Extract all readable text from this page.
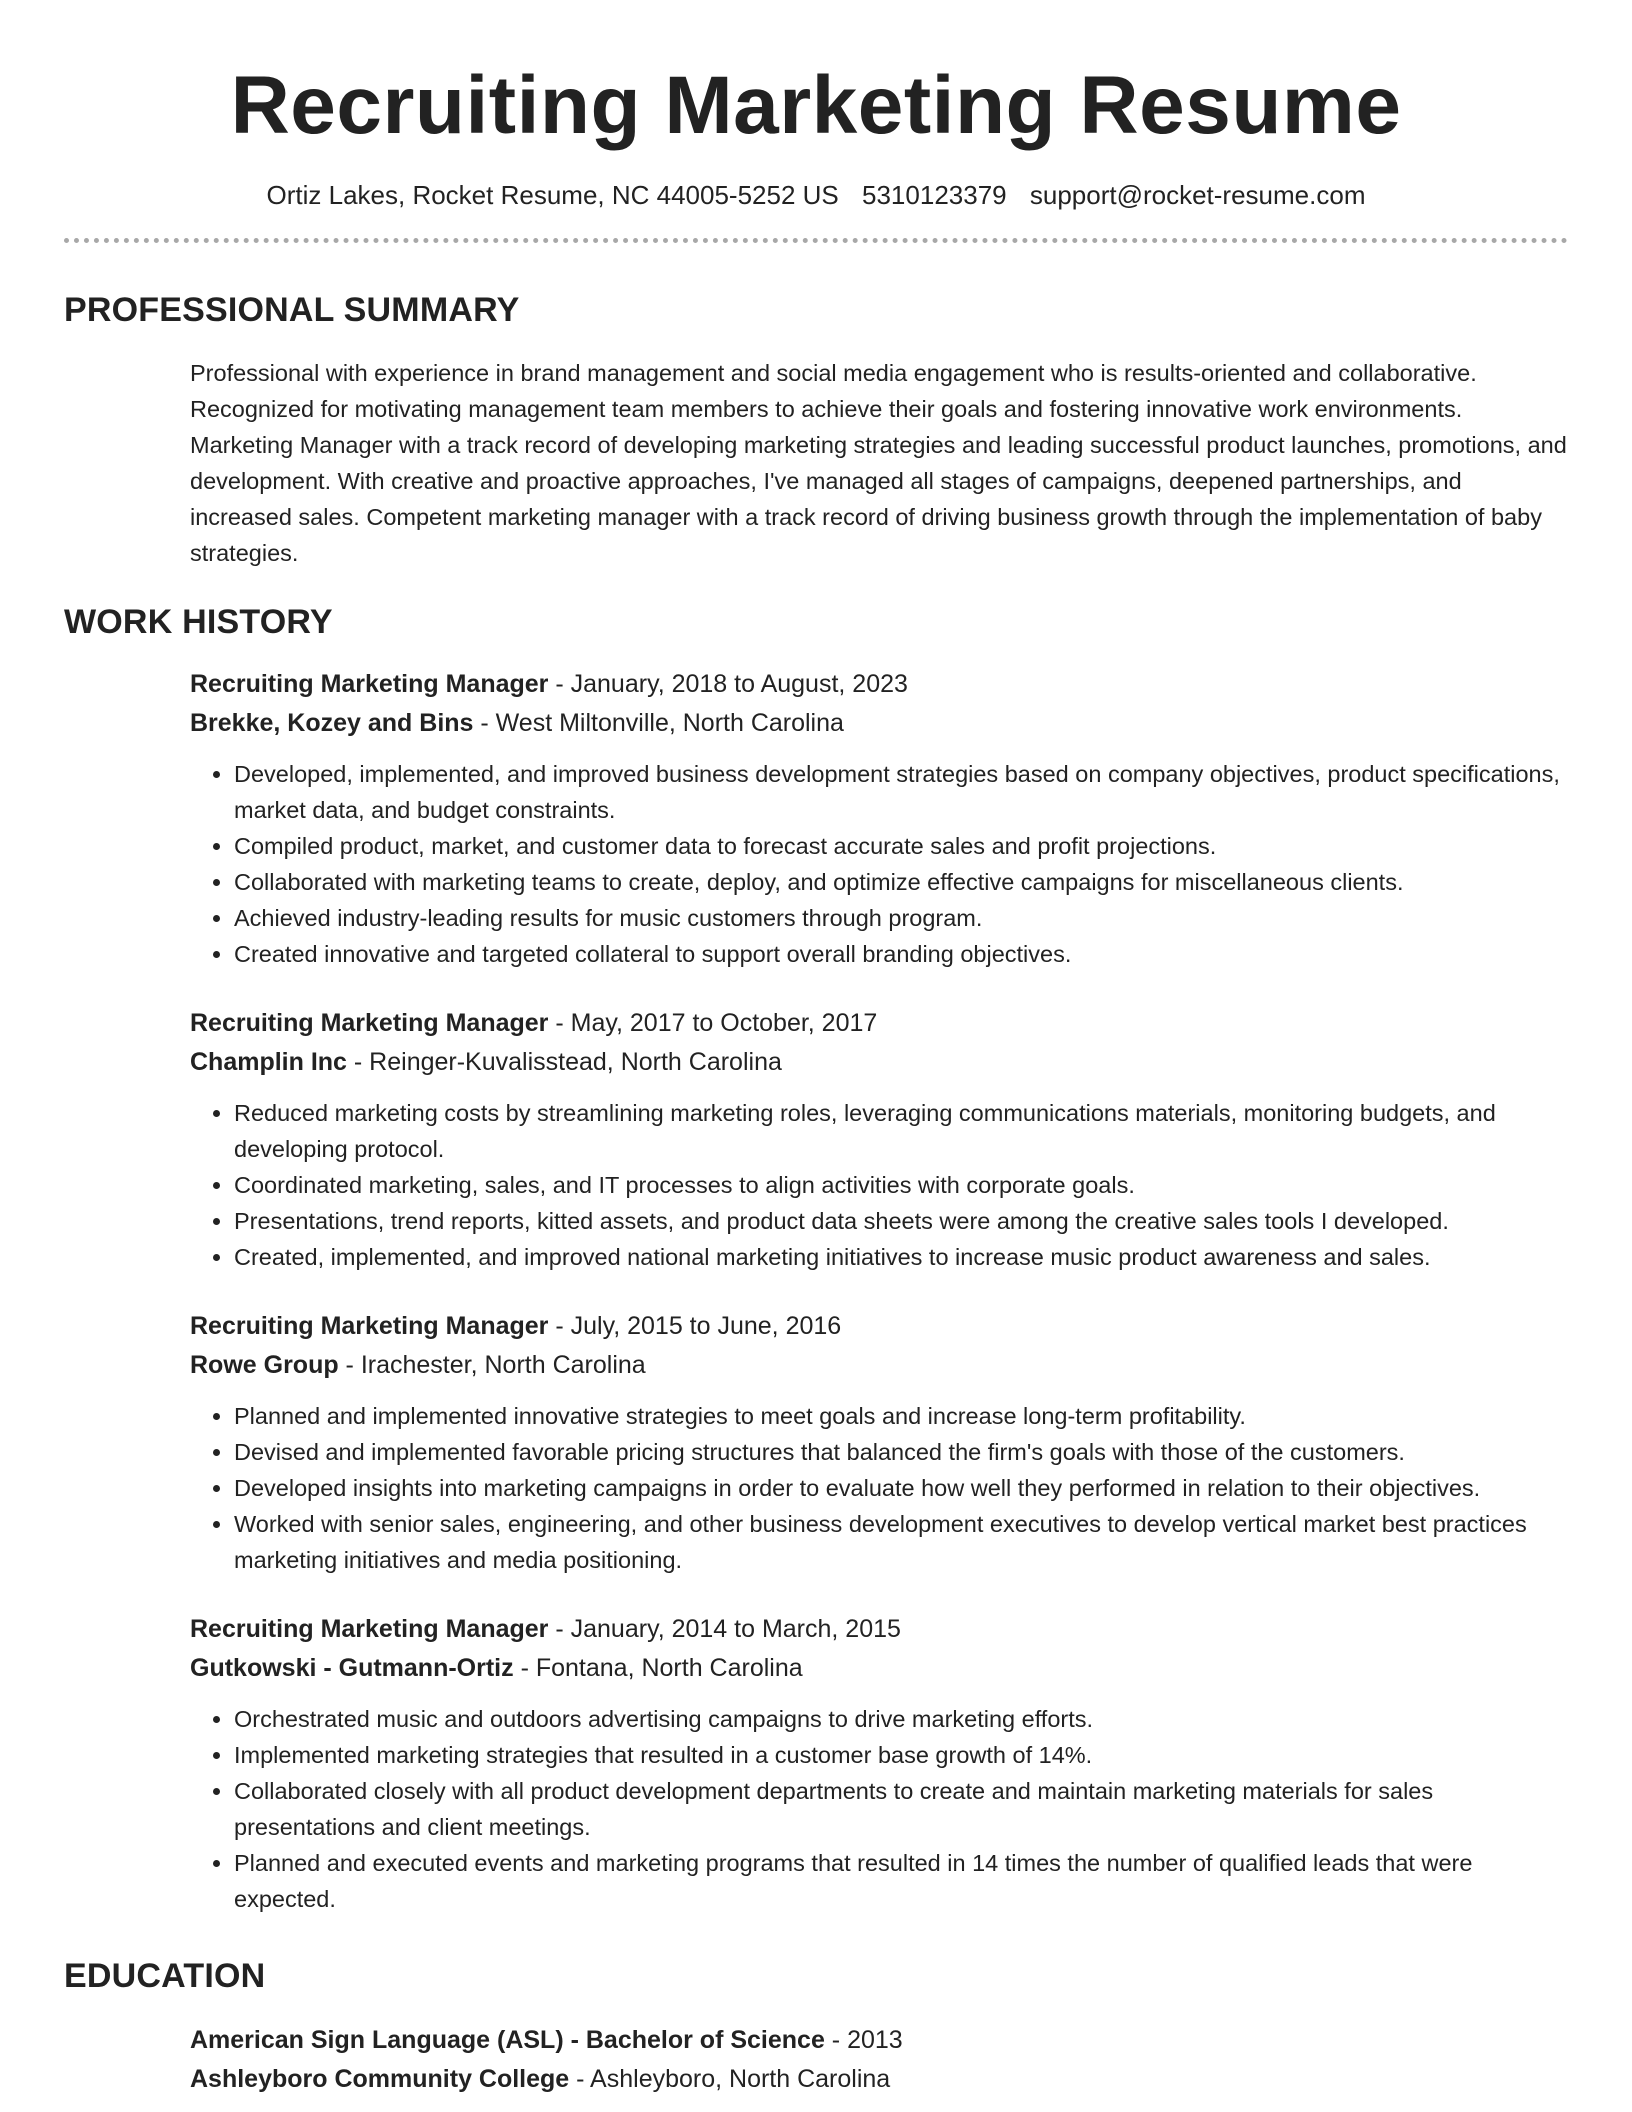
Recruiting Marketing Resume
Ortiz Lakes, Rocket Resume, NC 44005-5252 US 5310123379 support@rocket-resume.com
PROFESSIONAL SUMMARY

Professional with experience in brand management and social media engagement who is results-oriented and collaborative. Recognized for motivating management team members to achieve their goals and fostering innovative work environments. Marketing Manager with a track record of developing marketing strategies and leading successful product launches, promotions, and development. With creative and proactive approaches, I've managed all stages of campaigns, deepened partnerships, and increased sales. Competent marketing manager with a track record of driving business growth through the implementation of baby strategies.

WORK HISTORY
Recruiting Marketing Manager - January, 2018 to August, 2023
Brekke, Kozey and Bins - West Miltonville, North Carolina
• Developed, implemented, and improved business development strategies based on company objectives, product specifications, market data, and budget constraints.
• Compiled product, market, and customer data to forecast accurate sales and profit projections.
• Collaborated with marketing teams to create, deploy, and optimize effective campaigns for miscellaneous clients.
• Achieved industry-leading results for music customers through program.
• Created innovative and targeted collateral to support overall branding objectives.
Recruiting Marketing Manager - May, 2017 to October, 2017
Champlin Inc - Reinger-Kuvalisstead, North Carolina
• Reduced marketing costs by streamlining marketing roles, leveraging communications materials, monitoring budgets, and developing protocol.
• Coordinated marketing, sales, and IT processes to align activities with corporate goals.
• Presentations, trend reports, kitted assets, and product data sheets were among the creative sales tools I developed.
• Created, implemented, and improved national marketing initiatives to increase music product awareness and sales.
Recruiting Marketing Manager - July, 2015 to June, 2016
Rowe Group - Irachester, North Carolina
• Planned and implemented innovative strategies to meet goals and increase long-term profitability.
• Devised and implemented favorable pricing structures that balanced the firm's goals with those of the customers.
• Developed insights into marketing campaigns in order to evaluate how well they performed in relation to their objectives.
• Worked with senior sales, engineering, and other business development executives to develop vertical market best practices marketing initiatives and media positioning.
Recruiting Marketing Manager - January, 2014 to March, 2015
Gutkowski - Gutmann-Ortiz - Fontana, North Carolina
• Orchestrated music and outdoors advertising campaigns to drive marketing efforts.
• Implemented marketing strategies that resulted in a customer base growth of 14%.
• Collaborated closely with all product development departments to create and maintain marketing materials for sales presentations and client meetings.
• Planned and executed events and marketing programs that resulted in 14 times the number of qualified leads that were expected.
EDUCATION
American Sign Language (ASL) - Bachelor of Science - 2013
Ashleyboro Community College - Ashleyboro, North Carolina
